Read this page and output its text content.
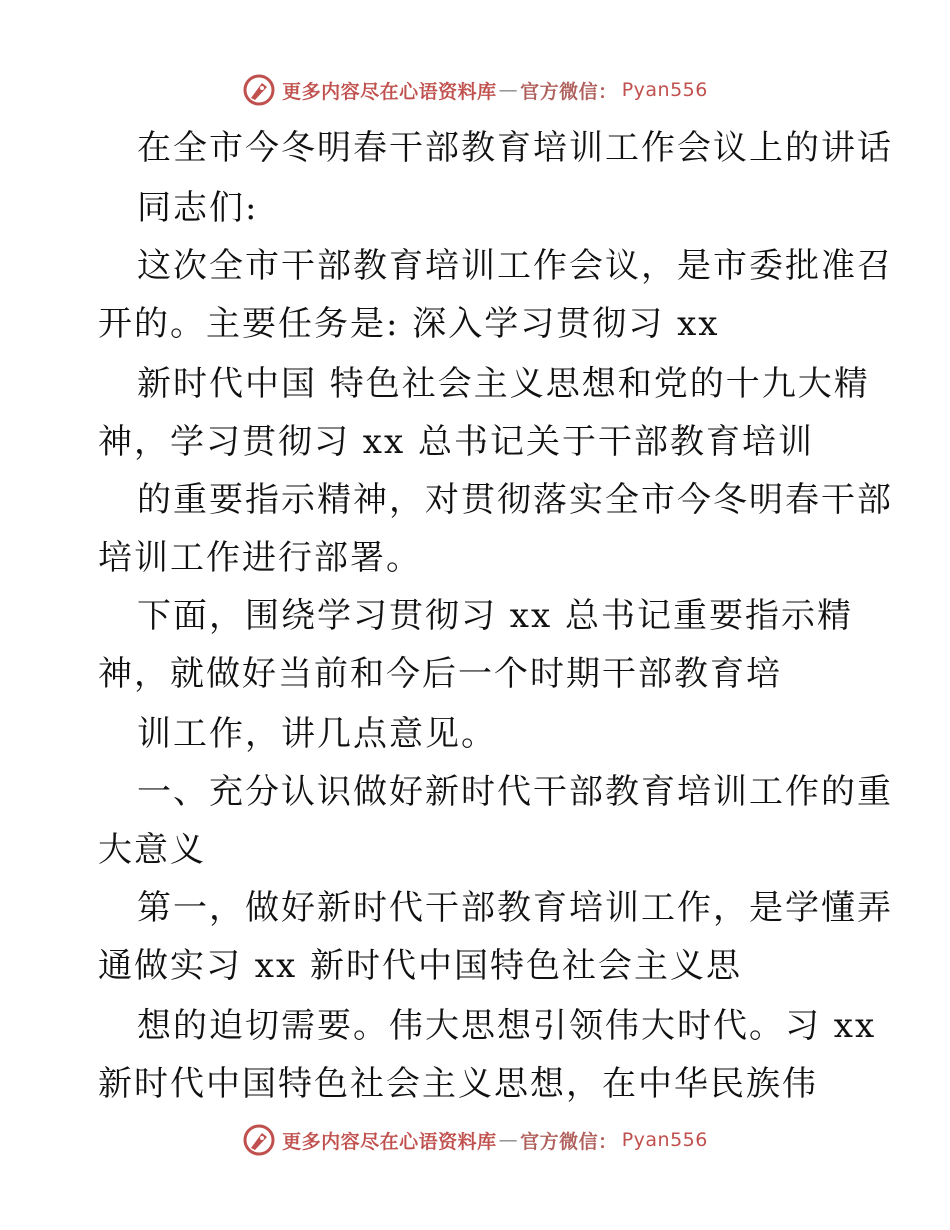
更多内容尽在心语资料库 — 官方微信： Pyan556
在全市今冬明春干部教育培训工作会议上的讲话
同志们:
这次全市干部教育培训工作会议，是市委批准召
开的。主要任务是: 深入学习贯彻习 xx
新时代中国 特色社会主义思想和党的十九大精
神，学习贯彻习 xx 总书记关于干部教育培训
的重要指示精神，对贯彻落实全市今冬明春干部
培训工作进行部署。
下面，围绕学习贯彻习 xx 总书记重要指示精
神，就做好当前和今后一个时期干部教育培
训工作，讲几点意见。
一、充分认识做好新时代干部教育培训工作的重
大意义
第一，做好新时代干部教育培训工作，是学懂弄
通做实习 xx 新时代中国特色社会主义思
想的迫切需要。伟大思想引领伟大时代。习 xx
新时代中国特色社会主义思想，在中华民族伟
更多内容尽在心语资料库 — 官方微信： Pyan556
